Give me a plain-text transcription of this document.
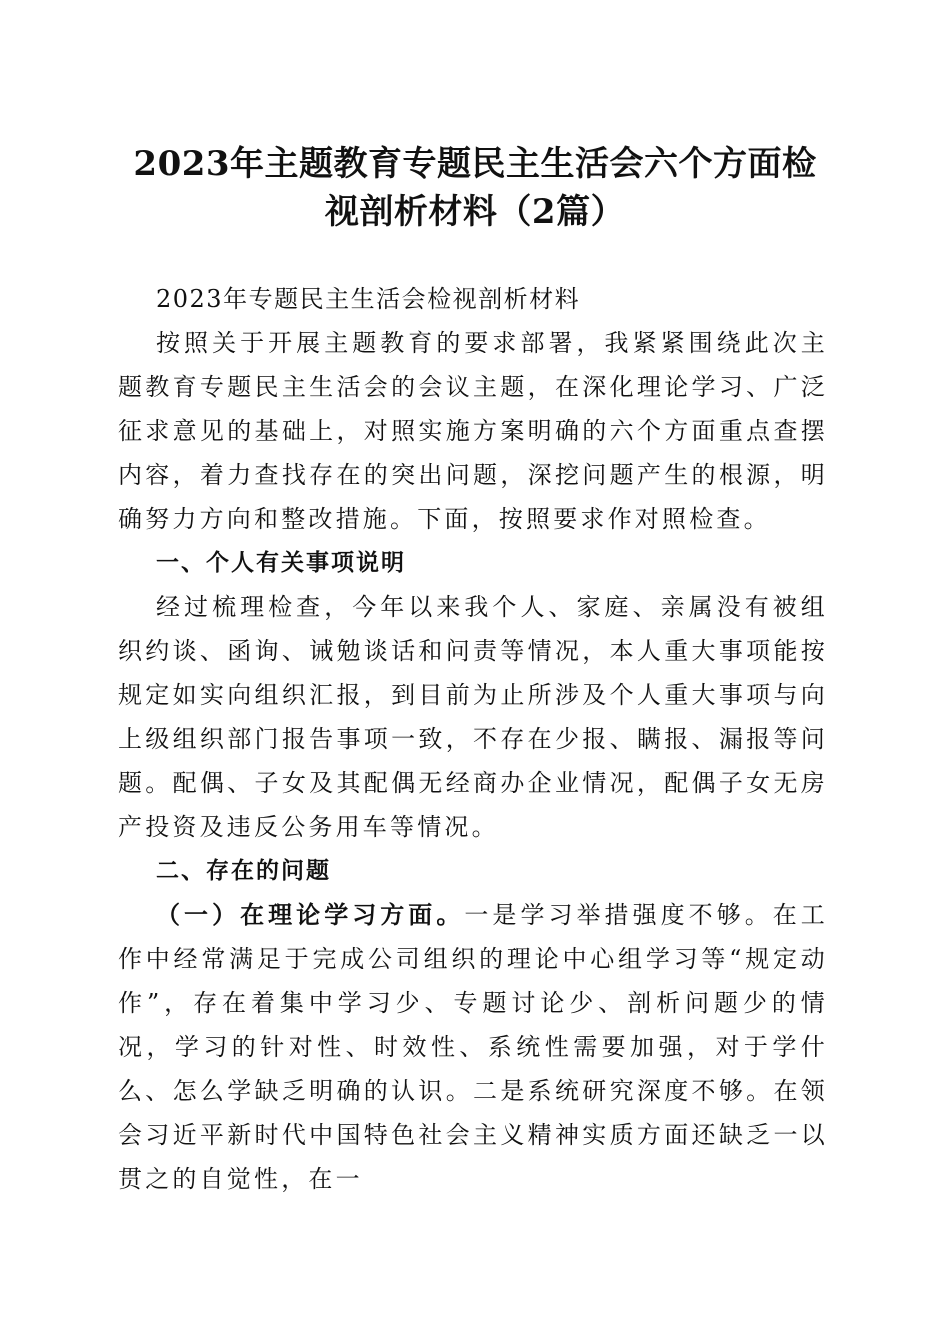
2023年主题教育专题民主生活会六个方面检
视剖析材料（2篇）

2023年专题民主生活会检视剖析材料

按照关于开展主题教育的要求部署，我紧紧围绕此次主题教育专题民主生活会的会议主题，在深化理论学习、广泛征求意见的基础上，对照实施方案明确的六个方面重点查摆内容，着力查找存在的突出问题，深挖问题产生的根源，明确努力方向和整改措施。下面，按照要求作对照检查。

一、个人有关事项说明

经过梳理检查，今年以来我个人、家庭、亲属没有被组织约谈、函询、诫勉谈话和问责等情况，本人重大事项能按规定如实向组织汇报，到目前为止所涉及个人重大事项与向上级组织部门报告事项一致，不存在少报、瞒报、漏报等问题。配偶、子女及其配偶无经商办企业情况，配偶子女无房产投资及违反公务用车等情况。

二、存在的问题

（一）在理论学习方面。一是学习举措强度不够。在工作中经常满足于完成公司组织的理论中心组学习等“规定动作”，存在着集中学习少、专题讨论少、剖析问题少的情况，学习的针对性、时效性、系统性需要加强，对于学什么、怎么学缺乏明确的认识。二是系统研究深度不够。在领会习近平新时代中国特色社会主义精神实质方面还缺乏一以贯之的自觉性，在一
